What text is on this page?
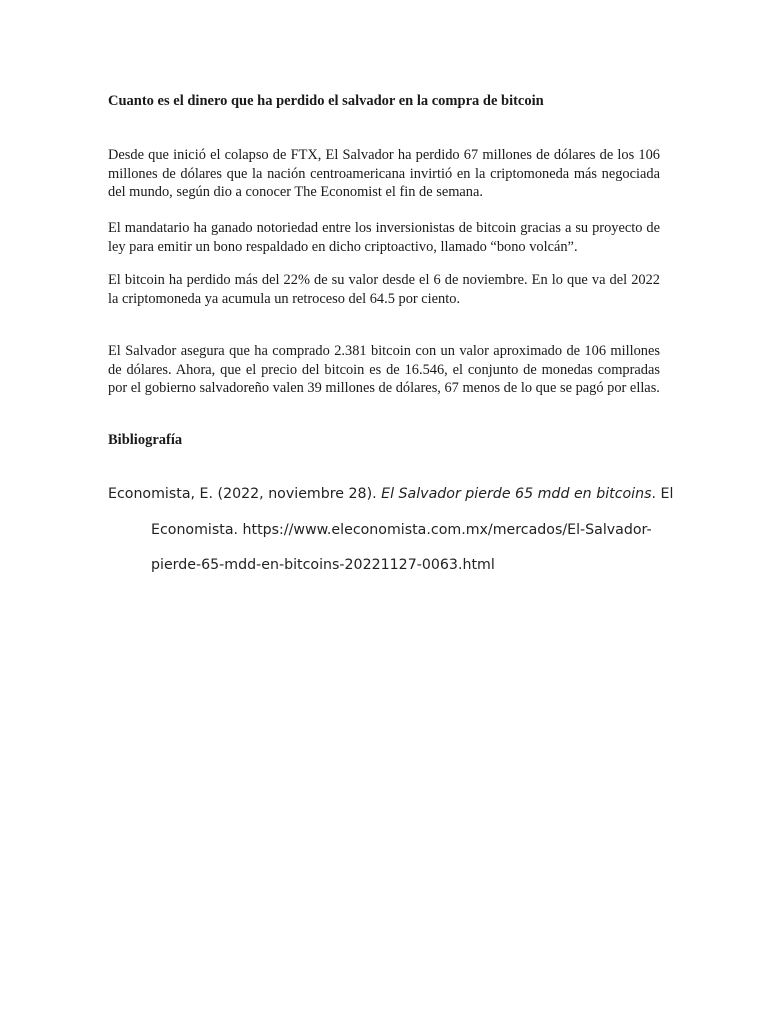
Cuanto es el dinero que ha perdido el salvador en la compra de bitcoin

Desde que inició el colapso de FTX, El Salvador ha perdido 67 millones de dólares de los 106 millones de dólares que la nación centroamericana invirtió en la criptomoneda más negociada del mundo, según dio a conocer The Economist el fin de semana.

El mandatario ha ganado notoriedad entre los inversionistas de bitcoin gracias a su proyecto de ley para emitir un bono respaldado en dicho criptoactivo, llamado “bono volcán”.

El bitcoin ha perdido más del 22% de su valor desde el 6 de noviembre. En lo que va del 2022 la criptomoneda ya acumula un retroceso del 64.5 por ciento.

El Salvador asegura que ha comprado 2.381 bitcoin con un valor aproximado de 106 millones de dólares. Ahora, que el precio del bitcoin es de 16.546, el conjunto de monedas compradas por el gobierno salvadoreño valen 39 millones de dólares, 67 menos de lo que se pagó por ellas.

Bibliografía
Economista, E. (2022, noviembre 28). El Salvador pierde 65 mdd en bitcoins. El
Economista. https://www.eleconomista.com.mx/mercados/El-Salvador-
pierde-65-mdd-en-bitcoins-20221127-0063.html
